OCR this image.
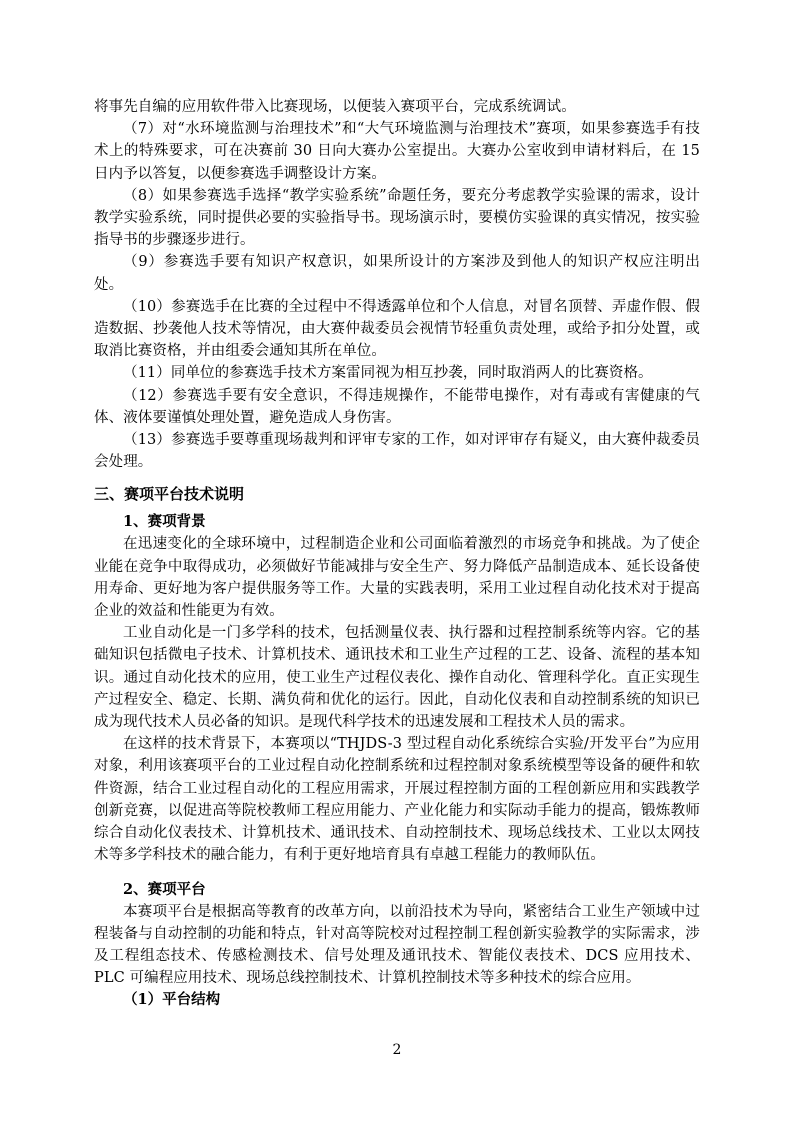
将事先自编的应用软件带入比赛现场，以便装入赛项平台，完成系统调试。

（7）对“水环境监测与治理技术”和“大气环境监测与治理技术”赛项，如果参赛选手有技术上的特殊要求，可在决赛前 30 日向大赛办公室提出。大赛办公室收到申请材料后，在 15 日内予以答复，以便参赛选手调整设计方案。

（8）如果参赛选手选择“教学实验系统”命题任务，要充分考虑教学实验课的需求，设计教学实验系统，同时提供必要的实验指导书。现场演示时，要模仿实验课的真实情况，按实验指导书的步骤逐步进行。

（9）参赛选手要有知识产权意识，如果所设计的方案涉及到他人的知识产权应注明出处。

（10）参赛选手在比赛的全过程中不得透露单位和个人信息，对冒名顶替、弄虚作假、假造数据、抄袭他人技术等情况，由大赛仲裁委员会视情节轻重负责处理，或给予扣分处置，或取消比赛资格，并由组委会通知其所在单位。

（11）同单位的参赛选手技术方案雷同视为相互抄袭，同时取消两人的比赛资格。

（12）参赛选手要有安全意识，不得违规操作，不能带电操作，对有毒或有害健康的气体、液体要谨慎处理处置，避免造成人身伤害。

（13）参赛选手要尊重现场裁判和评审专家的工作，如对评审存有疑义，由大赛仲裁委员会处理。

三、赛项平台技术说明
1、赛项背景

在迅速变化的全球环境中，过程制造企业和公司面临着激烈的市场竞争和挑战。为了使企业能在竞争中取得成功，必须做好节能减排与安全生产、努力降低产品制造成本、延长设备使用寿命、更好地为客户提供服务等工作。大量的实践表明，采用工业过程自动化技术对于提高企业的效益和性能更为有效。

工业自动化是一门多学科的技术，包括测量仪表、执行器和过程控制系统等内容。它的基础知识包括微电子技术、计算机技术、通讯技术和工业生产过程的工艺、设备、流程的基本知识。通过自动化技术的应用，使工业生产过程仪表化、操作自动化、管理科学化。直正实现生产过程安全、稳定、长期、满负荷和优化的运行。因此，自动化仪表和自动控制系统的知识已成为现代技术人员必备的知识。是现代科学技术的迅速发展和工程技术人员的需求。

在这样的技术背景下，本赛项以“THJDS-3 型过程自动化系统综合实验/开发平台”为应用对象，利用该赛项平台的工业过程自动化控制系统和过程控制对象系统模型等设备的硬件和软件资源，结合工业过程自动化的工程应用需求，开展过程控制方面的工程创新应用和实践教学创新竞赛，以促进高等院校教师工程应用能力、产业化能力和实际动手能力的提高，锻炼教师综合自动化仪表技术、计算机技术、通讯技术、自动控制技术、现场总线技术、工业以太网技术等多学科技术的融合能力，有利于更好地培育具有卓越工程能力的教师队伍。

2、赛项平台

本赛项平台是根据高等教育的改革方向，以前沿技术为导向，紧密结合工业生产领域中过程装备与自动控制的功能和特点，针对高等院校对过程控制工程创新实验教学的实际需求，涉及工程组态技术、传感检测技术、信号处理及通讯技术、智能仪表技术、DCS 应用技术、PLC 可编程应用技术、现场总线控制技术、计算机控制技术等多种技术的综合应用。

（1）平台结构
2
